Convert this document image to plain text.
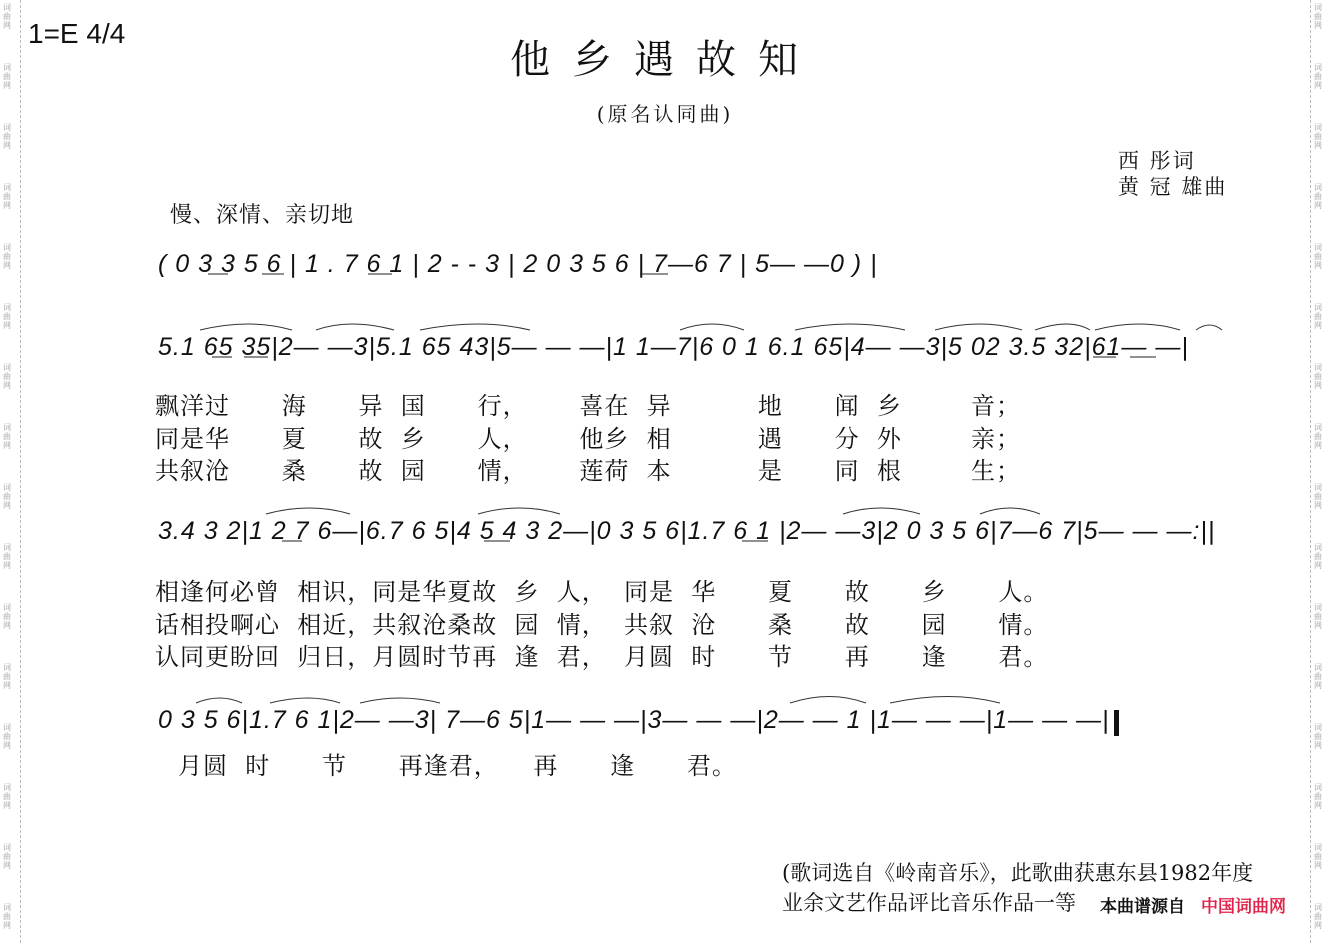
词
曲
网
词
曲
网
词
曲
网
词
曲
网
词
曲
网
词
曲
网
词
曲
网
词
曲
网
词
曲
网
词
曲
网
词
曲
网
词
曲
网
词
曲
网
词
曲
网
词
曲
网
词
曲
网
词
曲
网
词
曲
网
词
曲
网
词
曲
网
词
曲
网
词
曲
网
词
曲
网
词
曲
网
词
曲
网
词
曲
网
词
曲
网
词
曲
网
词
曲
网
词
曲
网
词
曲
网
词
曲
网
1=E 4/4
他乡遇故知
(原名认同曲)
西 彤词
黄 冠 雄曲
慢、深情、亲切地
( 0 3 3 5 6 | 1 . 7 6 1 | 2 - - 3 | 2 0 3 5 6 | 7—6 7 | 5— —0 ) |
5.1 65 35|2— —3|5.1 65 43|5— — —|1 1—7|6 0 1 6.1 65|4— —3|5 02 3.5 32|61— —|
飘洋过      海      异  国      行，      喜在  异          地      闻  乡        音；
同是华      夏      故  乡      人，      他乡  相          遇      分  外        亲；
共叙沧      桑      故  园      情，      莲荷  本          是      同  根        生；
3.4 3 2|1 2 7 6—|6.7 6 5|4 5 4 3 2—|0 3 5 6|1.7 6 1 |2— —3|2 0 3 5 6|7—6 7|5— — —:||
相逢何必曾  相识，同是华夏故  乡  人，  同是  华      夏      故      乡      人。
话相投啊心  相近，共叙沧桑故  园  情，  共叙  沧      桑      故      园      情。
认同更盼回  归日，月圆时节再  逢  君，  月圆  时      节      再      逢      君。
0 3 5 6|1.7 6 1|2— —3| 7—6 5|1— — —|3— — —|2— — 1 |1— — —|1— — —|
月圆  时      节      再逢君，    再      逢      君。
(歌词选自《岭南音乐》，此歌曲获惠东县1982年度
业余文艺作品评比音乐作品一等	本曲谱源自 中国词曲网
